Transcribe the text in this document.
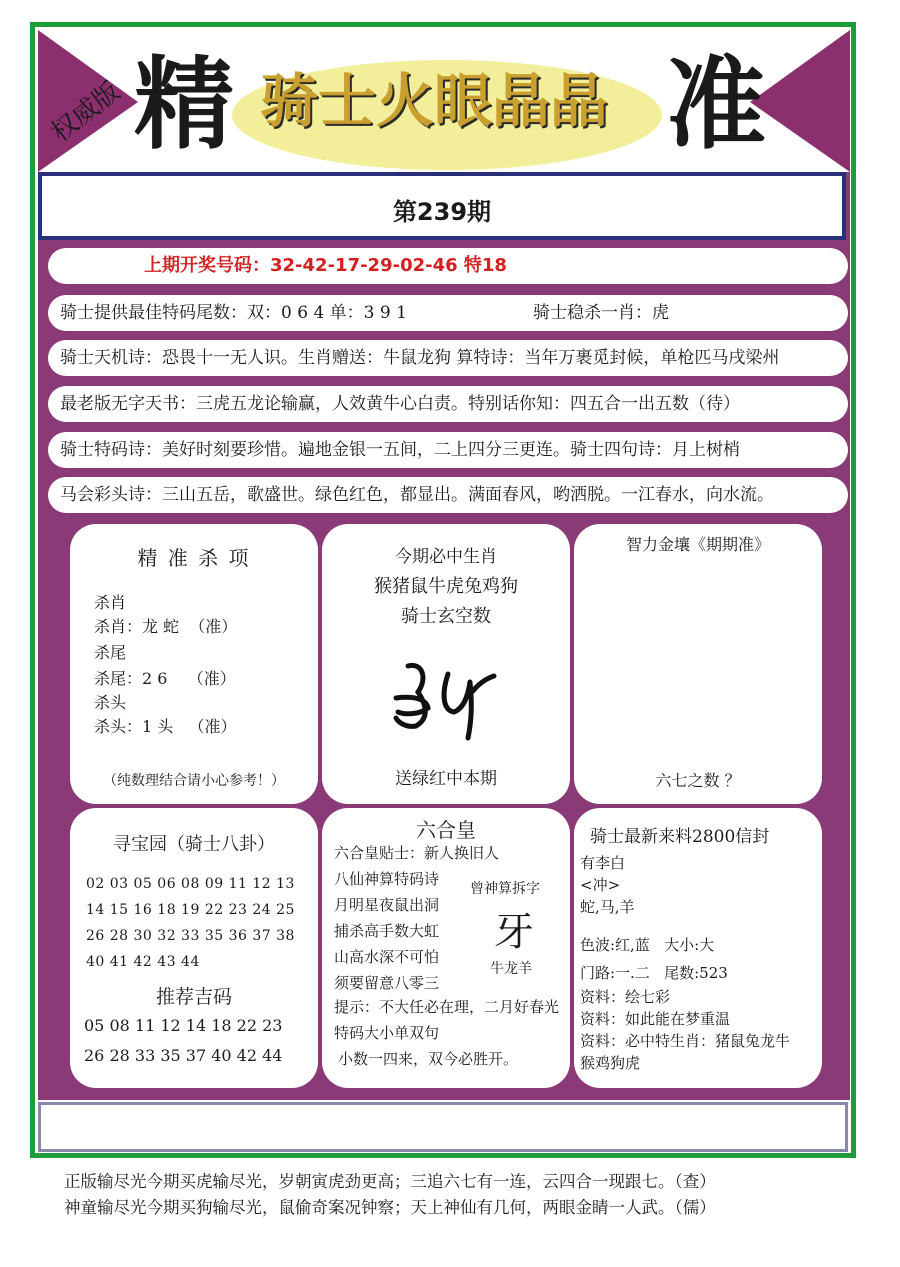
权威版 精 骑士火眼晶晶 准
第239期
上期开奖号码：32-42-17-29-02-46 特18
骑士提供最佳特码尾数：双：0 6 4 单：3 9 1	骑士稳杀一肖：虎
骑士天机诗：恐畏十一无人识。生肖赠送：牛鼠龙狗 算特诗：当年万裹觅封候，单枪匹马戌梁州
最老版无字天书：三虎五龙论输赢，人效黄牛心白责。特别话你知：四五合一出五数（待）
骑士特码诗：美好时刻要珍惜。遍地金银一五间，二上四分三更连。骑士四句诗：月上树梢
马会彩头诗：三山五岳，歌盛世。绿色红色，都显出。满面春风，哟洒脱。一江春水，向水流。
精 准 杀 项
杀肖
杀肖：龙 蛇  （准）
杀尾
杀尾：2 6    （准）
杀头
杀头：1 头   （准）
（纯数理结合请小心参考！）
今期必中生肖
猴猪鼠牛虎兔鸡狗
骑士玄空数
送绿红中本期
智力金壤《期期准》
六七之数 ？
寻宝园（骑士八卦）
02 03 05 06 08 09 11 12 13
14 15 16 18 19 22 23 24 25
26 28 30 32 33 35 36 37 38
40 41 42 43 44
推荐吉码
05 08 11 12 14 18 22 23
26 28 33 35 37 40 42 44
六合皇
六合皇贴士：新人换旧人
八仙神算特码诗
月明星夜鼠出洞
捕杀高手数大虹
山高水深不可怕
须要留意八零三
曾神算拆字
牙
牛龙羊
提示：不大任必在理，二月好春光
特码大小单双句
小数一四来，双今必胜开。
骑士最新来料2800信封
有李白
<冲>
蛇,马,羊
色波:红,蓝   大小:大
门路:一.二   尾数:523
资料：绘七彩
资料：如此能在梦重温
资料：必中特生肖：猪鼠兔龙牛
猴鸡狗虎
正版输尽光今期买虎输尽光，岁朝寅虎劲更高；三追六七有一连，云四合一现跟七。（查）
神童输尽光今期买狗输尽光，鼠偷奇案况钟察；天上神仙有几何，两眼金睛一人武。（儒）
